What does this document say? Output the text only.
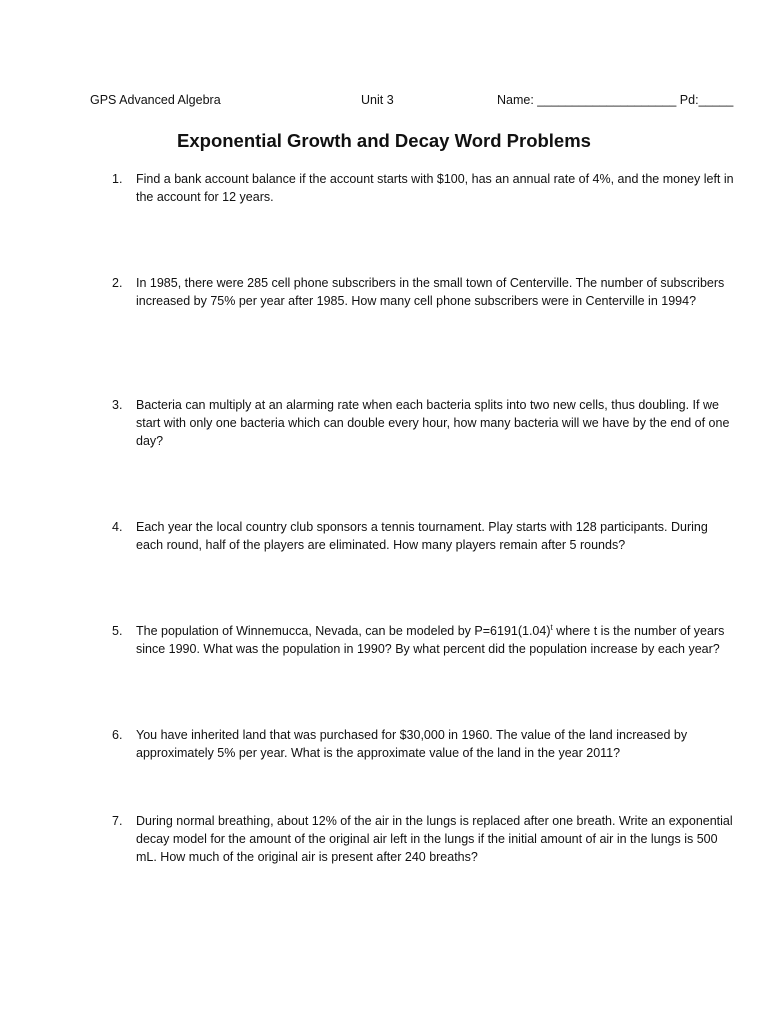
GPS Advanced Algebra	Unit 3	Name: ____________________ Pd:_____
Exponential Growth and Decay Word Problems
1. Find a bank account balance if the account starts with $100, has an annual rate of 4%, and the money left in the account for 12 years.
2. In 1985, there were 285 cell phone subscribers in the small town of Centerville. The number of subscribers increased by 75% per year after 1985. How many cell phone subscribers were in Centerville in 1994?
3. Bacteria can multiply at an alarming rate when each bacteria splits into two new cells, thus doubling. If we start with only one bacteria which can double every hour, how many bacteria will we have by the end of one day?
4. Each year the local country club sponsors a tennis tournament. Play starts with 128 participants. During each round, half of the players are eliminated. How many players remain after 5 rounds?
5. The population of Winnemucca, Nevada, can be modeled by $P=6191(1.04)^t$ where t is the number of years since 1990. What was the population in 1990? By what percent did the population increase by each year?
6. You have inherited land that was purchased for $30,000 in 1960. The value of the land increased by approximately 5% per year. What is the approximate value of the land in the year 2011?
7. During normal breathing, about 12% of the air in the lungs is replaced after one breath. Write an exponential decay model for the amount of the original air left in the lungs if the initial amount of air in the lungs is 500 mL. How much of the original air is present after 240 breaths?
